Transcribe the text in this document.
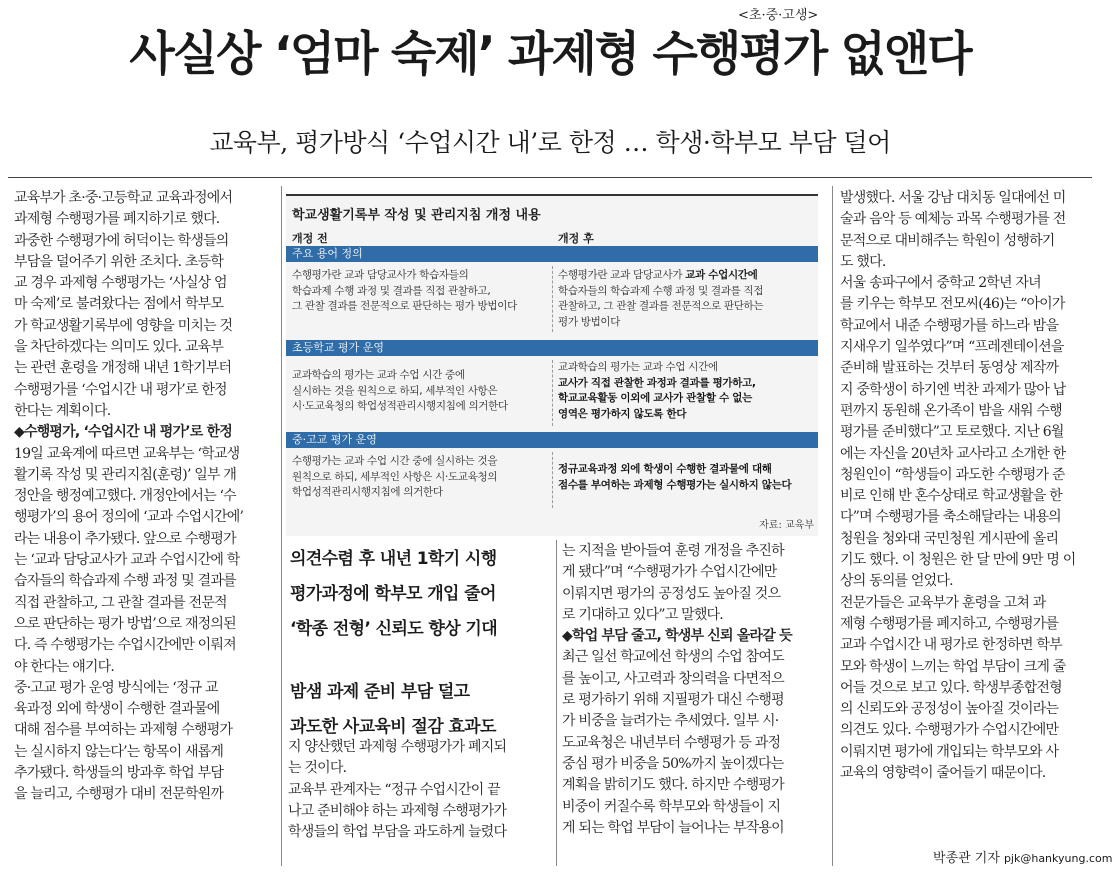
<초·중·고생>
사실상 ‘엄마 숙제’ 과제형 수행평가 없앤다
교육부, 평가방식 ‘수업시간 내’로 한정 … 학생·학부모 부담 덜어
교육부가 초·중·고등학교 교육과정에서
과제형 수행평가를 폐지하기로 했다.
과중한 수행평가에 허덕이는 학생들의
부담을 덜어주기 위한 조치다. 초등학
교 경우 과제형 수행평가는 ‘사실상 엄
마 숙제’로 불려왔다는 점에서 학부모
가 학교생활기록부에 영향을 미치는 것
을 차단하겠다는 의미도 있다. 교육부
는 관련 훈령을 개정해 내년 1학기부터
수행평가를 ‘수업시간 내 평가’로 한정
한다는 계획이다.
◆수행평가, ‘수업시간 내 평가’로 한정
19일 교육계에 따르면 교육부는 ‘학교생
활기록 작성 및 관리지침(훈령)’ 일부 개
정안을 행정예고했다. 개정안에서는 ‘수
행평가’의 용어 정의에 ‘교과 수업시간에’
라는 내용이 추가됐다. 앞으로 수행평가
는 ‘교과 담당교사가 교과 수업시간에 학
습자들의 학습과제 수행 과정 및 결과를
직접 관찰하고, 그 관찰 결과를 전문적
으로 판단하는 평가 방법’으로 재정의된
다. 즉 수행평가는 수업시간에만 이뤄져
야 한다는 얘기다.
중·고교 평가 운영 방식에는 ‘정규 교
육과정 외에 학생이 수행한 결과물에
대해 점수를 부여하는 과제형 수행평가
는 실시하지 않는다’는 항목이 새롭게
추가됐다. 학생들의 방과후 학업 부담
을 늘리고, 수행평가 대비 전문학원까
학교생활기록부 작성 및 관리지침 개정 내용
개정 전	개정 후
주요 용어 정의
수행평가란 교과 담당교사가 학습자들의
학습과제 수행 과정 및 결과를 직접 관찰하고,
그 관찰 결과를 전문적으로 판단하는 평가 방법이다
수행평가란 교과 담당교사가 교과 수업시간에
학습자들의 학습과제 수행 과정 및 결과를 직접
관찰하고, 그 관찰 결과를 전문적으로 판단하는
평가 방법이다
초등학교 평가 운영
교과학습의 평가는 교과 수업 시간 중에
실시하는 것을 원칙으로 하되, 세부적인 사항은
시·도교육청의 학업성적관리시행지침에 의거한다
교과학습의 평가는 교과 수업 시간에
교사가 직접 관찰한 과정과 결과를 평가하고,
학교교육활동 이외에 교사가 관찰할 수 없는
영역은 평가하지 않도록 한다
중·고교 평가 운영
수행평가는 교과 수업 시간 중에 실시하는 것을
원칙으로 하되, 세부적인 사항은 시·도교육청의
학업성적관리시행지침에 의거한다
정규교육과정 외에 학생이 수행한 결과물에 대해
점수를 부여하는 과제형 수행평가는 실시하지 않는다
자료: 교육부
의견수렴 후 내년 1학기 시행
평가과정에 학부모 개입 줄어
‘학종 전형’ 신뢰도 향상 기대
밤샘 과제 준비 부담 덜고
과도한 사교육비 절감 효과도
지 양산했던 과제형 수행평가가 폐지되
는 것이다.
교육부 관계자는 “정규 수업시간이 끝
나고 준비해야 하는 과제형 수행평가가
학생들의 학업 부담을 과도하게 늘렸다
는 지적을 받아들여 훈령 개정을 추진하
게 됐다”며 “수행평가가 수업시간에만
이뤄지면 평가의 공정성도 높아질 것으
로 기대하고 있다”고 말했다.
◆학업 부담 줄고, 학생부 신뢰 올라갈 듯
최근 일선 학교에선 학생의 수업 참여도
를 높이고, 사고력과 창의력을 다면적으
로 평가하기 위해 지필평가 대신 수행평
가 비중을 늘려가는 추세였다. 일부 시·
도교육청은 내년부터 수행평가 등 과정
중심 평가 비중을 50%까지 높이겠다는
계획을 밝히기도 했다. 하지만 수행평가
비중이 커질수록 학부모와 학생들이 지
게 되는 학업 부담이 늘어나는 부작용이
발생했다. 서울 강남 대치동 일대에선 미
술과 음악 등 예체능 과목 수행평가를 전
문적으로 대비해주는 학원이 성행하기
도 했다.
서울 송파구에서 중학교 2학년 자녀
를 키우는 학부모 전모씨(46)는 “아이가
학교에서 내준 수행평가를 하느라 밤을
지새우기 일쑤였다”며 “프레젠테이션을
준비해 발표하는 것부터 동영상 제작까
지 중학생이 하기엔 벅찬 과제가 많아 납
편까지 동원해 온가족이 밤을 새워 수행
평가를 준비했다”고 토로했다. 지난 6월
에는 자신을 20년차 교사라고 소개한 한
청원인이 “학생들이 과도한 수행평가 준
비로 인해 반 혼수상태로 학교생활을 한
다”며 수행평가를 축소해달라는 내용의
청원을 청와대 국민청원 게시판에 올리
기도 했다. 이 청원은 한 달 만에 9만 명 이
상의 동의를 얻었다.
전문가들은 교육부가 훈령을 고쳐 과
제형 수행평가를 폐지하고, 수행평가를
교과 수업시간 내 평가로 한정하면 학부
모와 학생이 느끼는 학업 부담이 크게 줄
어들 것으로 보고 있다. 학생부종합전형
의 신뢰도와 공정성이 높아질 것이라는
의견도 있다. 수행평가가 수업시간에만
이뤄지면 평가에 개입되는 학부모와 사
교육의 영향력이 줄어들기 때문이다.
박종관 기자 pjk@hankyung.com
